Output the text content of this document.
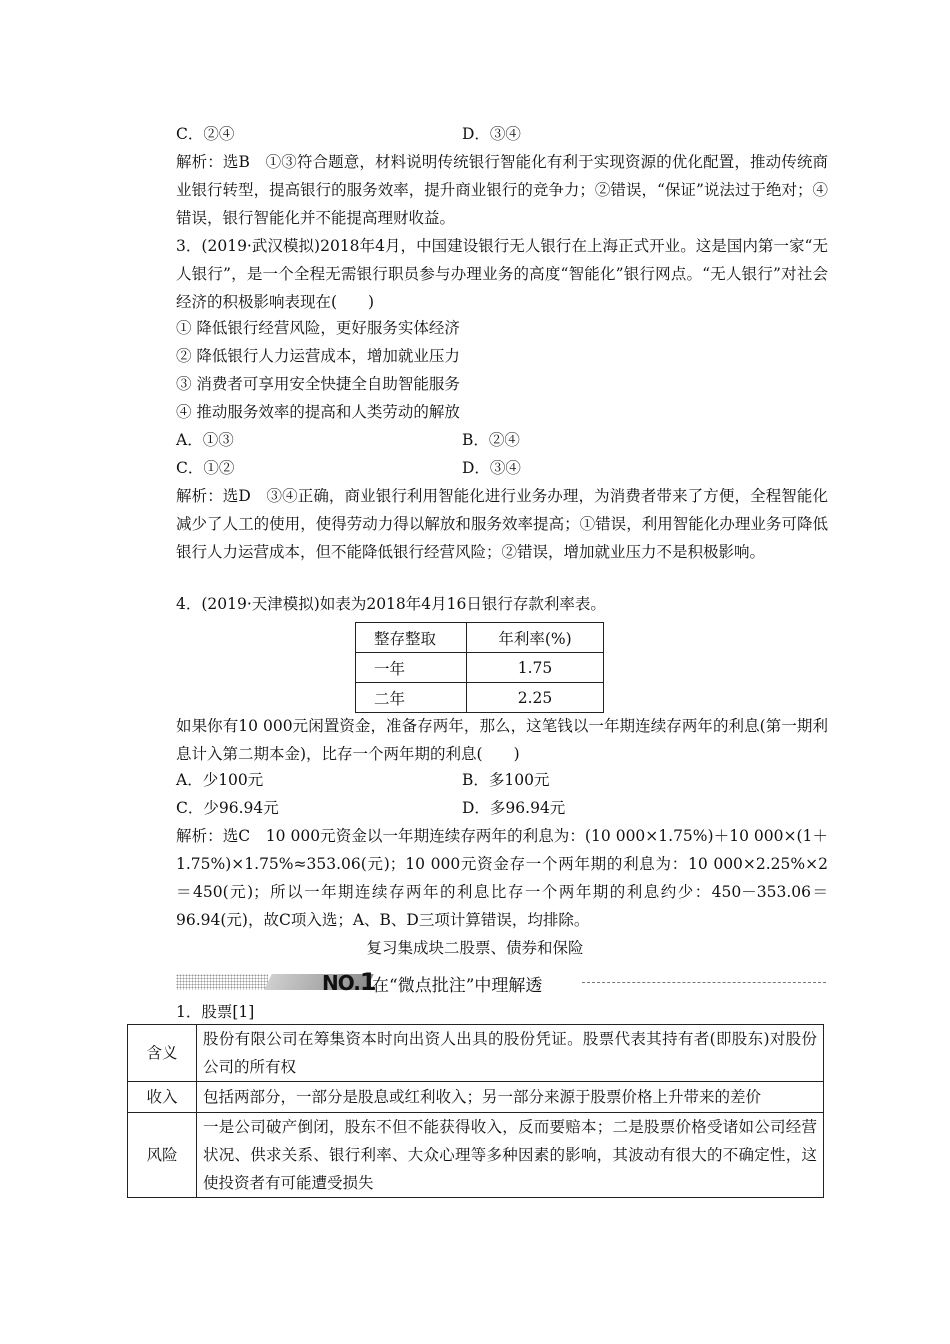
C．②④	D．③④
解析：选B　①③符合题意，材料说明传统银行智能化有利于实现资源的优化配置，推动传统商业银行转型，提高银行的服务效率，提升商业银行的竞争力；②错误，“保证”说法过于绝对；④错误，银行智能化并不能提高理财收益。
3．(2019·武汉模拟)2018年4月，中国建设银行无人银行在上海正式开业。这是国内第一家“无人银行”，是一个全程无需银行职员参与办理业务的高度“智能化”银行网点。“无人银行”对社会经济的积极影响表现在(　　)
① 降低银行经营风险，更好服务实体经济
② 降低银行人力运营成本，增加就业压力
③ 消费者可享用安全快捷全自助智能服务
④ 推动服务效率的提高和人类劳动的解放
A．①③	B．②④
C．①②	D．③④
解析：选D　③④正确，商业银行利用智能化进行业务办理，为消费者带来了方便，全程智能化减少了人工的使用，使得劳动力得以解放和服务效率提高；①错误，利用智能化办理业务可降低银行人力运营成本，但不能降低银行经营风险；②错误，增加就业压力不是积极影响。
4．(2019·天津模拟)如表为2018年4月16日银行存款利率表。
整存整取	年利率(%)
一年	1.75
二年	2.25
如果你有10 000元闲置资金，准备存两年，那么，这笔钱以一年期连续存两年的利息(第一期利息计入第二期本金)，比存一个两年期的利息(　　)
A．少100元	B．多100元
C．少96.94元	D．多96.94元
解析：选C　10 000元资金以一年期连续存两年的利息为：(10 000×1.75%)＋10 000×(1＋1.75%)×1.75%≈353.06(元)；10 000元资金存一个两年期的利息为：10 000×2.25%×2＝450(元)；所以一年期连续存两年的利息比存一个两年期的利息约少：450－353.06＝96.94(元)，故C项入选；A、B、D三项计算错误，均排除。
复习集成块二股票、债券和保险
NO.1
在“微点批注”中理解透
1．股票[1]
含义	股份有限公司在筹集资本时向出资人出具的股份凭证。股票代表其持有者(即股东)对股份公司的所有权
收入	包括两部分，一部分是股息或红利收入；另一部分来源于股票价格上升带来的差价
风险	一是公司破产倒闭，股东不但不能获得收入，反而要赔本；二是股票价格受诸如公司经营状况、供求关系、银行利率、大众心理等多种因素的影响，其波动有很大的不确定性，这使投资者有可能遭受损失
